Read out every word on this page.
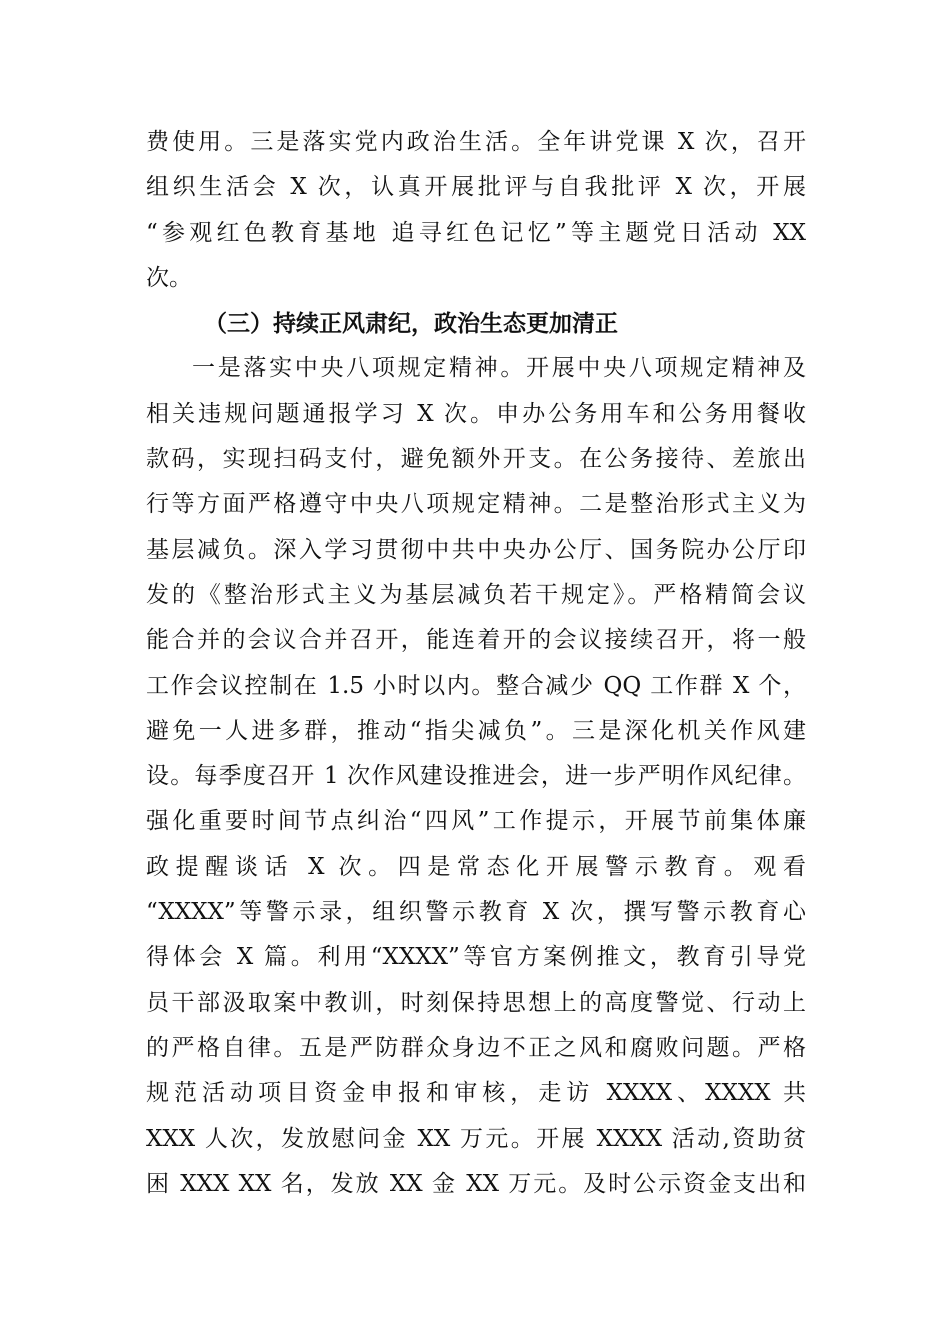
费使用。三是落实党内政治生活。全年讲党课 X 次，召开
组织生活会 X 次，认真开展批评与自我批评 X 次，开展
“参观红色教育基地 追寻红色记忆”等主题党日活动 XX
次。
（三）持续正风肃纪，政治生态更加清正
一是落实中央八项规定精神。开展中央八项规定精神及
相关违规问题通报学习 X 次。申办公务用车和公务用餐收
款码，实现扫码支付，避免额外开支。在公务接待、差旅出
行等方面严格遵守中央八项规定精神。二是整治形式主义为
基层减负。深入学习贯彻中共中央办公厅、国务院办公厅印
发的《整治形式主义为基层减负若干规定》。严格精简会议
能合并的会议合并召开，能连着开的会议接续召开，将一般
工作会议控制在 1.5 小时以内。整合减少 QQ 工作群 X 个，
避免一人进多群，推动“指尖减负”。三是深化机关作风建
设。每季度召开 1 次作风建设推进会，进一步严明作风纪律。
强化重要时间节点纠治“四风”工作提示，开展节前集体廉
政提醒谈话 X 次。四是常态化开展警示教育。观看
“XXXX”等警示录，组织警示教育 X 次，撰写警示教育心
得体会 X 篇。利用“XXXX”等官方案例推文，教育引导党
员干部汲取案中教训，时刻保持思想上的高度警觉、行动上
的严格自律。五是严防群众身边不正之风和腐败问题。严格
规范活动项目资金申报和审核，走访 XXXX、XXXX 共
XXX 人次，发放慰问金 XX 万元。开展 XXXX 活动,资助贫
困 XXX XX 名，发放 XX 金 XX 万元。及时公示资金支出和
